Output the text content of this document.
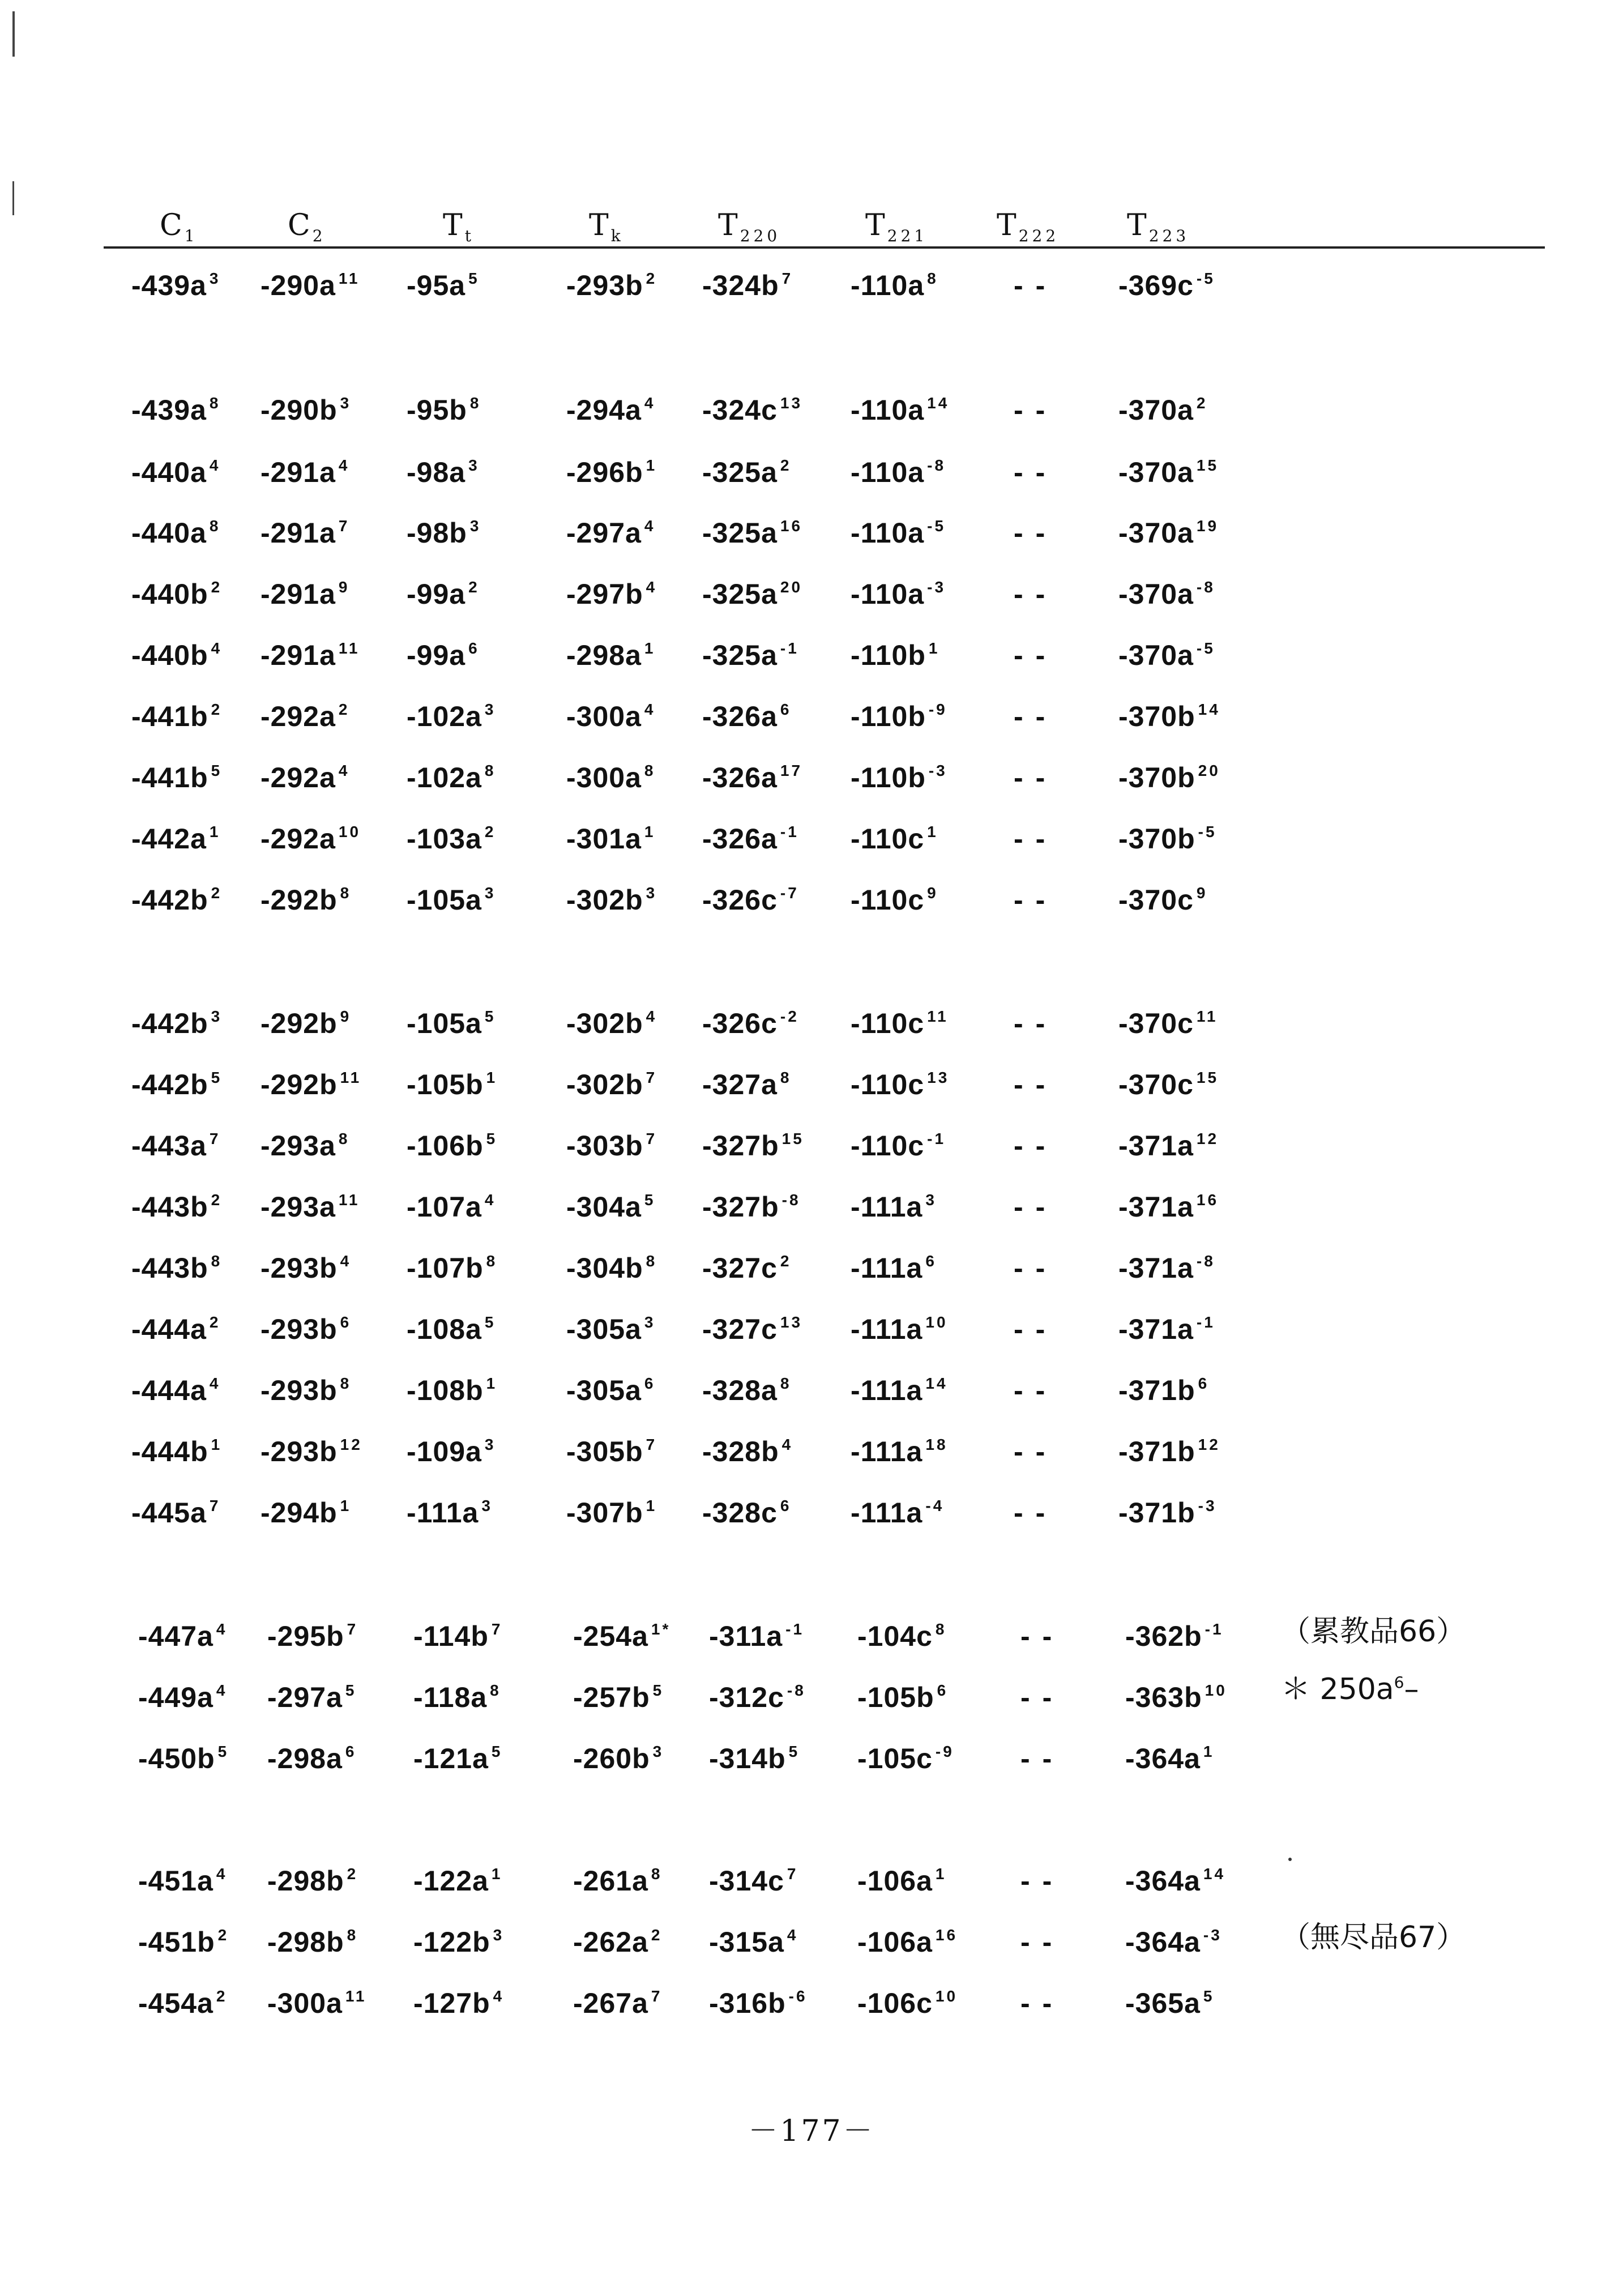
C $_1$	C $_2$	T $_t$	T $_k$	T $_{220}$	T $_{221}$ T $_{222}$ T $_{223}$
-439a $^3$ -290a $^{11}$ -95a $^5$	-293b $^2$ -324b $^7$ -110a $^8$	-- -369c $^{-5}$
-439a $^8$ -290b $^3$ -95b $^8$	-294a $^4$ -324c $^{13}$ -110a $^{14}$ -- -370a $^2$
-440a $^4$ -291a $^4$ -98a $^3$	-296b $^1$ -325a $^2$ -110a $^{-8}$ -- -370a $^{15}$
-440a $^8$ -291a $^7$ -98b $^3$	-297a $^4$ -325a $^{16}$ -110a $^{-5}$ -- -370a $^{19}$
-440b $^2$ -291a $^9$ -99a $^2$	-297b $^4$ -325a $^{20}$ -110a $^{-3}$ -- -370a $^{-8}$
-440b $^4$ -291a $^{11}$ -99a $^6$	-298a $^1$ -325a $^{-1}$ -110b $^1$	-- -370a $^{-5}$
-441b $^2$ -292a $^2$ -102a $^3$ -300a $^4$ -326a $^6$ -110b $^{-9}$ -- -370b $^{14}$
-441b $^5$ -292a $^4$ -102a $^8$ -300a $^8$ -326a $^{17}$ -110b $^{-3}$ -- -370b $^{20}$
-442a $^1$ -292a $^{10}$ -103a $^2$ -301a $^1$ -326a $^{-1}$ -110c $^1$	-- -370b $^{-5}$
-442b $^2$ -292b $^8$ -105a $^3$ -302b $^3$ -326c $^{-7}$ -110c $^9$	-- -370c $^9$
-442b $^3$ -292b $^9$ -105a $^5$ -302b $^4$ -326c $^{-2}$ -110c $^{11}$ -- -370c $^{11}$
-442b $^5$ -292b $^{11}$ -105b $^1$ -302b $^7$ -327a $^8$ -110c $^{13}$ -- -370c $^{15}$
-443a $^7$ -293a $^8$ -106b $^5$ -303b $^7$ -327b $^{15}$ -110c $^{-1}$ -- -371a $^{12}$
-443b $^2$ -293a $^{11}$ -107a $^4$ -304a $^5$ -327b $^{-8}$ -111a $^3$	-- -371a $^{16}$
-443b $^8$ -293b $^4$ -107b $^8$ -304b $^8$ -327c $^2$ -111a $^6$	-- -371a $^{-8}$
-444a $^2$ -293b $^6$ -108a $^5$ -305a $^3$ -327c $^{13}$ -111a $^{10}$ -- -371a $^{-1}$
-444a $^4$ -293b $^8$ -108b $^1$ -305a $^6$ -328a $^8$ -111a $^{14}$ -- -371b $^6$
-444b $^1$ -293b $^{12}$ -109a $^3$ -305b $^7$ -328b $^4$ -111a $^{18}$ -- -371b $^{12}$
-445a $^7$ -294b $^1$ -111a $^3$	-307b $^1$ -328c $^6$ -111a $^{-4}$ -- -371b $^{-3}$
-447a $^4$ -295b $^7$ -114b $^7$ -254a $^{1*}$ -311a $^{-1}$ -104c $^8$	-- -362b $^{-1}$
-449a $^4$ -297a $^5$ -118a $^8$	-257b $^5$ -312c $^{-8}$ -105b $^6$	-- -363b $^{10}$
-450b $^5$ -298a $^6$ -121a $^5$ -260b $^3$ -314b $^5$ -105c $^{-9}$ -- -364a $^1$
-451a $^4$ -298b $^2$ -122a $^1$ -261a $^8$ -314c $^7$ -106a $^1$	-- -364a $^{14}$
-451b $^2$ -298b $^8$ -122b $^3$ -262a $^2$ -315a $^4$ -106a $^{16}$ -- -364a $^{-3}$
-454a $^2$ -300a $^{11}$ -127b $^4$ -267a $^7$ -316b $^{-6}$ -106c $^{10}$ -- -365a $^5$
（累教品66）
＊ $250a^6-$
（無尽品67）
－177－
